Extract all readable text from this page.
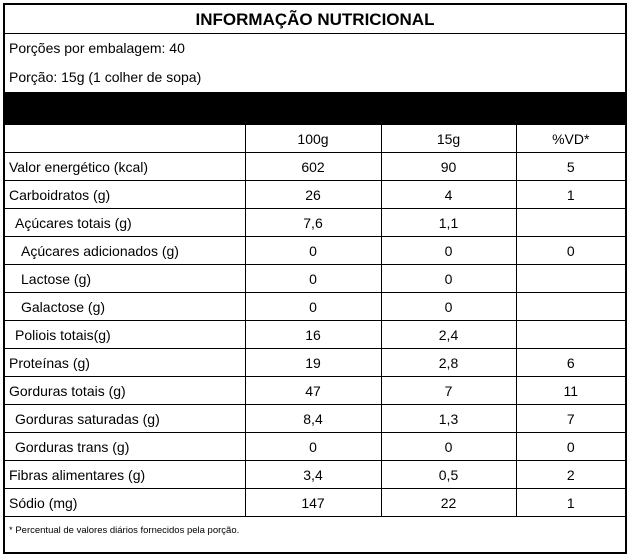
INFORMAÇÃO NUTRICIONAL
Porções por embalagem: 40
Porção: 15g (1 colher de sopa)
	100g	15g	%VD*
Valor energético (kcal)	602	90	5
Carboidratos (g)	26	4	1
Açúcares totais (g)	7,6	1,1	
Açúcares adicionados (g)	0	0	0
Lactose (g)	0	0	
Galactose (g)	0	0	
Poliois totais(g)	16	2,4	
Proteínas (g)	19	2,8	6
Gorduras totais (g)	47	7	11
Gorduras saturadas (g)	8,4	1,3	7
Gorduras trans (g)	0	0	0
Fibras alimentares (g)	3,4	0,5	2
Sódio (mg)	147	22	1
* Percentual de valores diários fornecidos pela porção.
